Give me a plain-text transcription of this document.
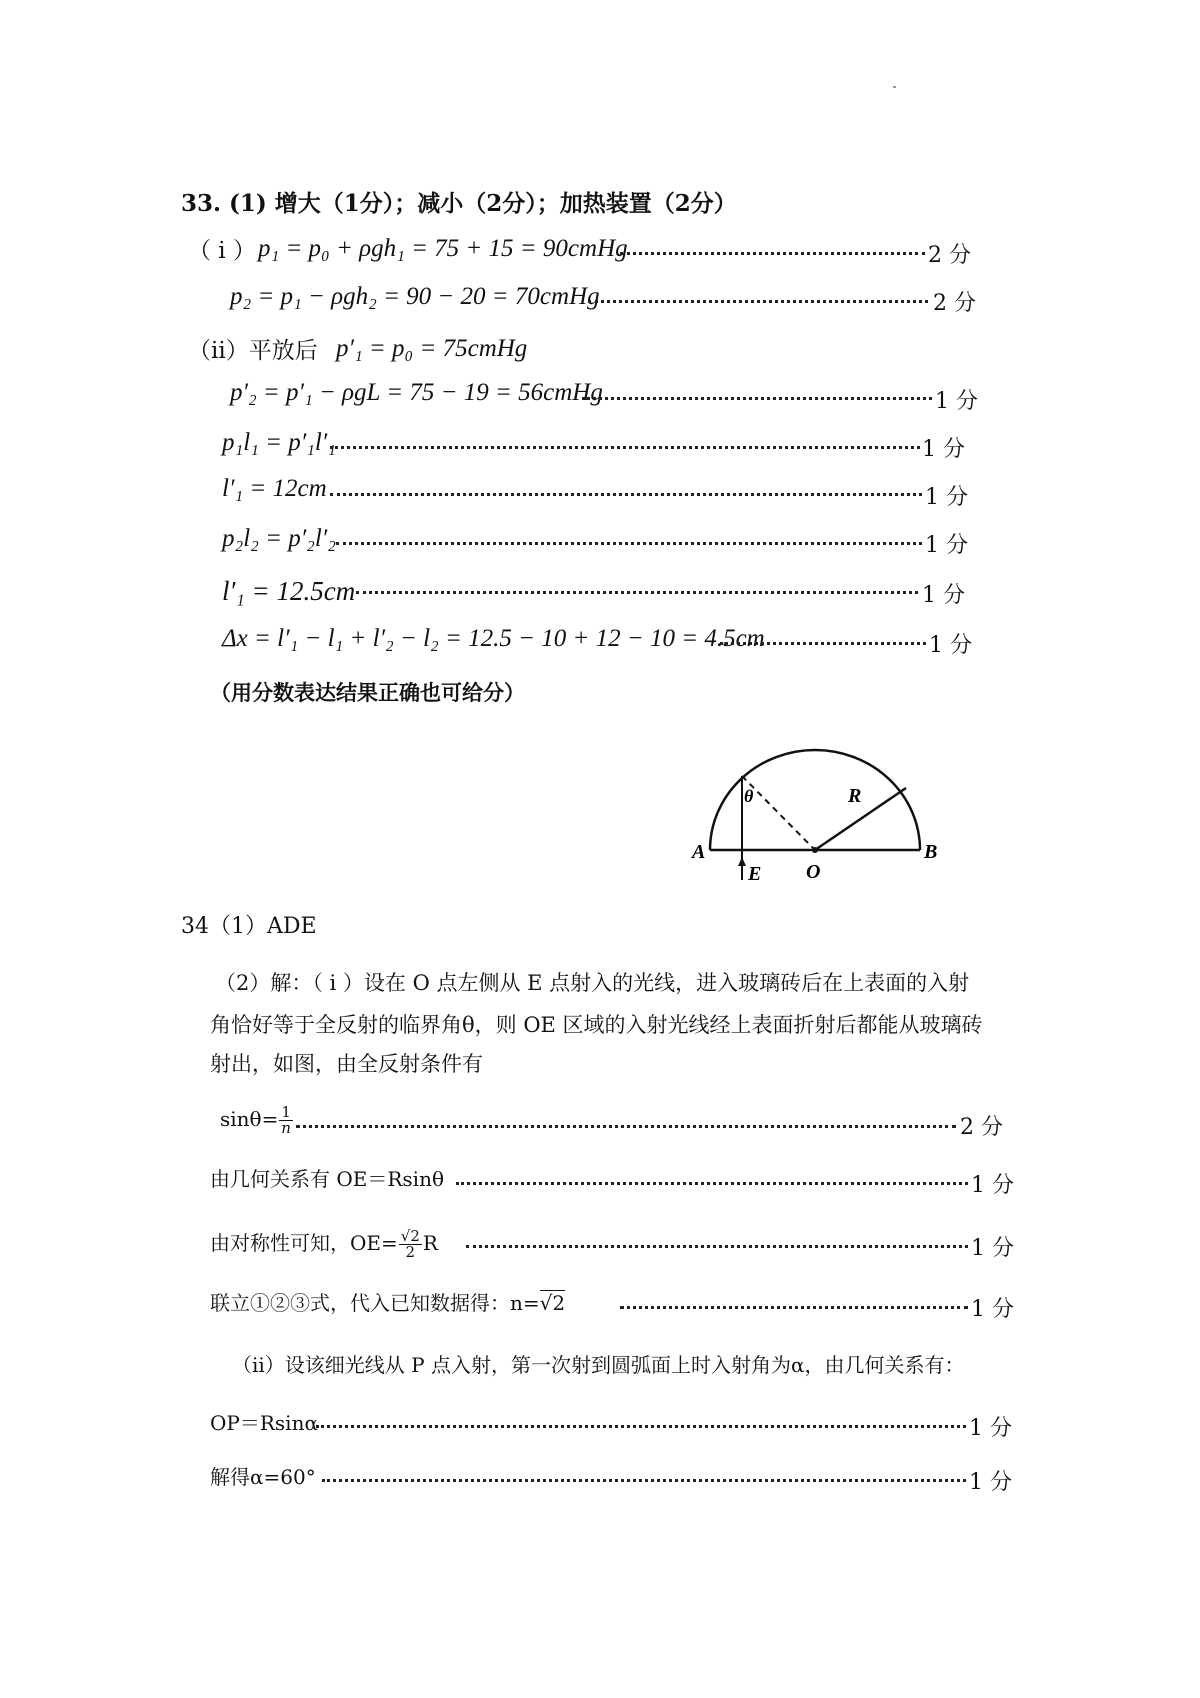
33. (1) 增大（1分）；减小（2分）；加热装置（2分）
（ i ） p₁ = p₀ + ρgh₁ = 75 + 15 = 90cmHg	2 分
p₂ = p₁ − ρgh₂ = 90 − 20 = 70cmHg	2 分
（ii）平放后 p′₁ = p₀ = 75cmHg
p′₂ = p′₁ − ρgL = 75 − 19 = 56cmHg	1 分
p₁l₁ = p′₁l′₁	1 分
l′₁ = 12cm	1 分
p₂l₂ = p′₂l′₂	1 分
l′₁ = 12.5cm	1 分
Δx = l′₁ − l₁ + l′₂ − l₂ = 12.5 − 10 + 12 − 10 = 4.5cm	1 分
（用分数表达结果正确也可给分）
A	B
O
E
R
θ
34（1）ADE
（2）解：（ i ）设在 O 点左侧从 E 点射入的光线，进入玻璃砖后在上表面的入射
角恰好等于全反射的临界角θ，则 OE 区域的入射光线经上表面折射后都能从玻璃砖
射出，如图，由全反射条件有
$\sin\theta= \frac{1}{n}$	2 分
由几何关系有 OE＝Rsinθ	1 分
由对称性可知，$OE= \frac{√2}{2}$ R	1 分
联立①②③式，代入已知数据得：n=√2	1 分
（ii）设该细光线从 P 点入射，第一次射到圆弧面上时入射角为α，由几何关系有：
OP＝Rsinα	1 分
解得α=60°	1 分
